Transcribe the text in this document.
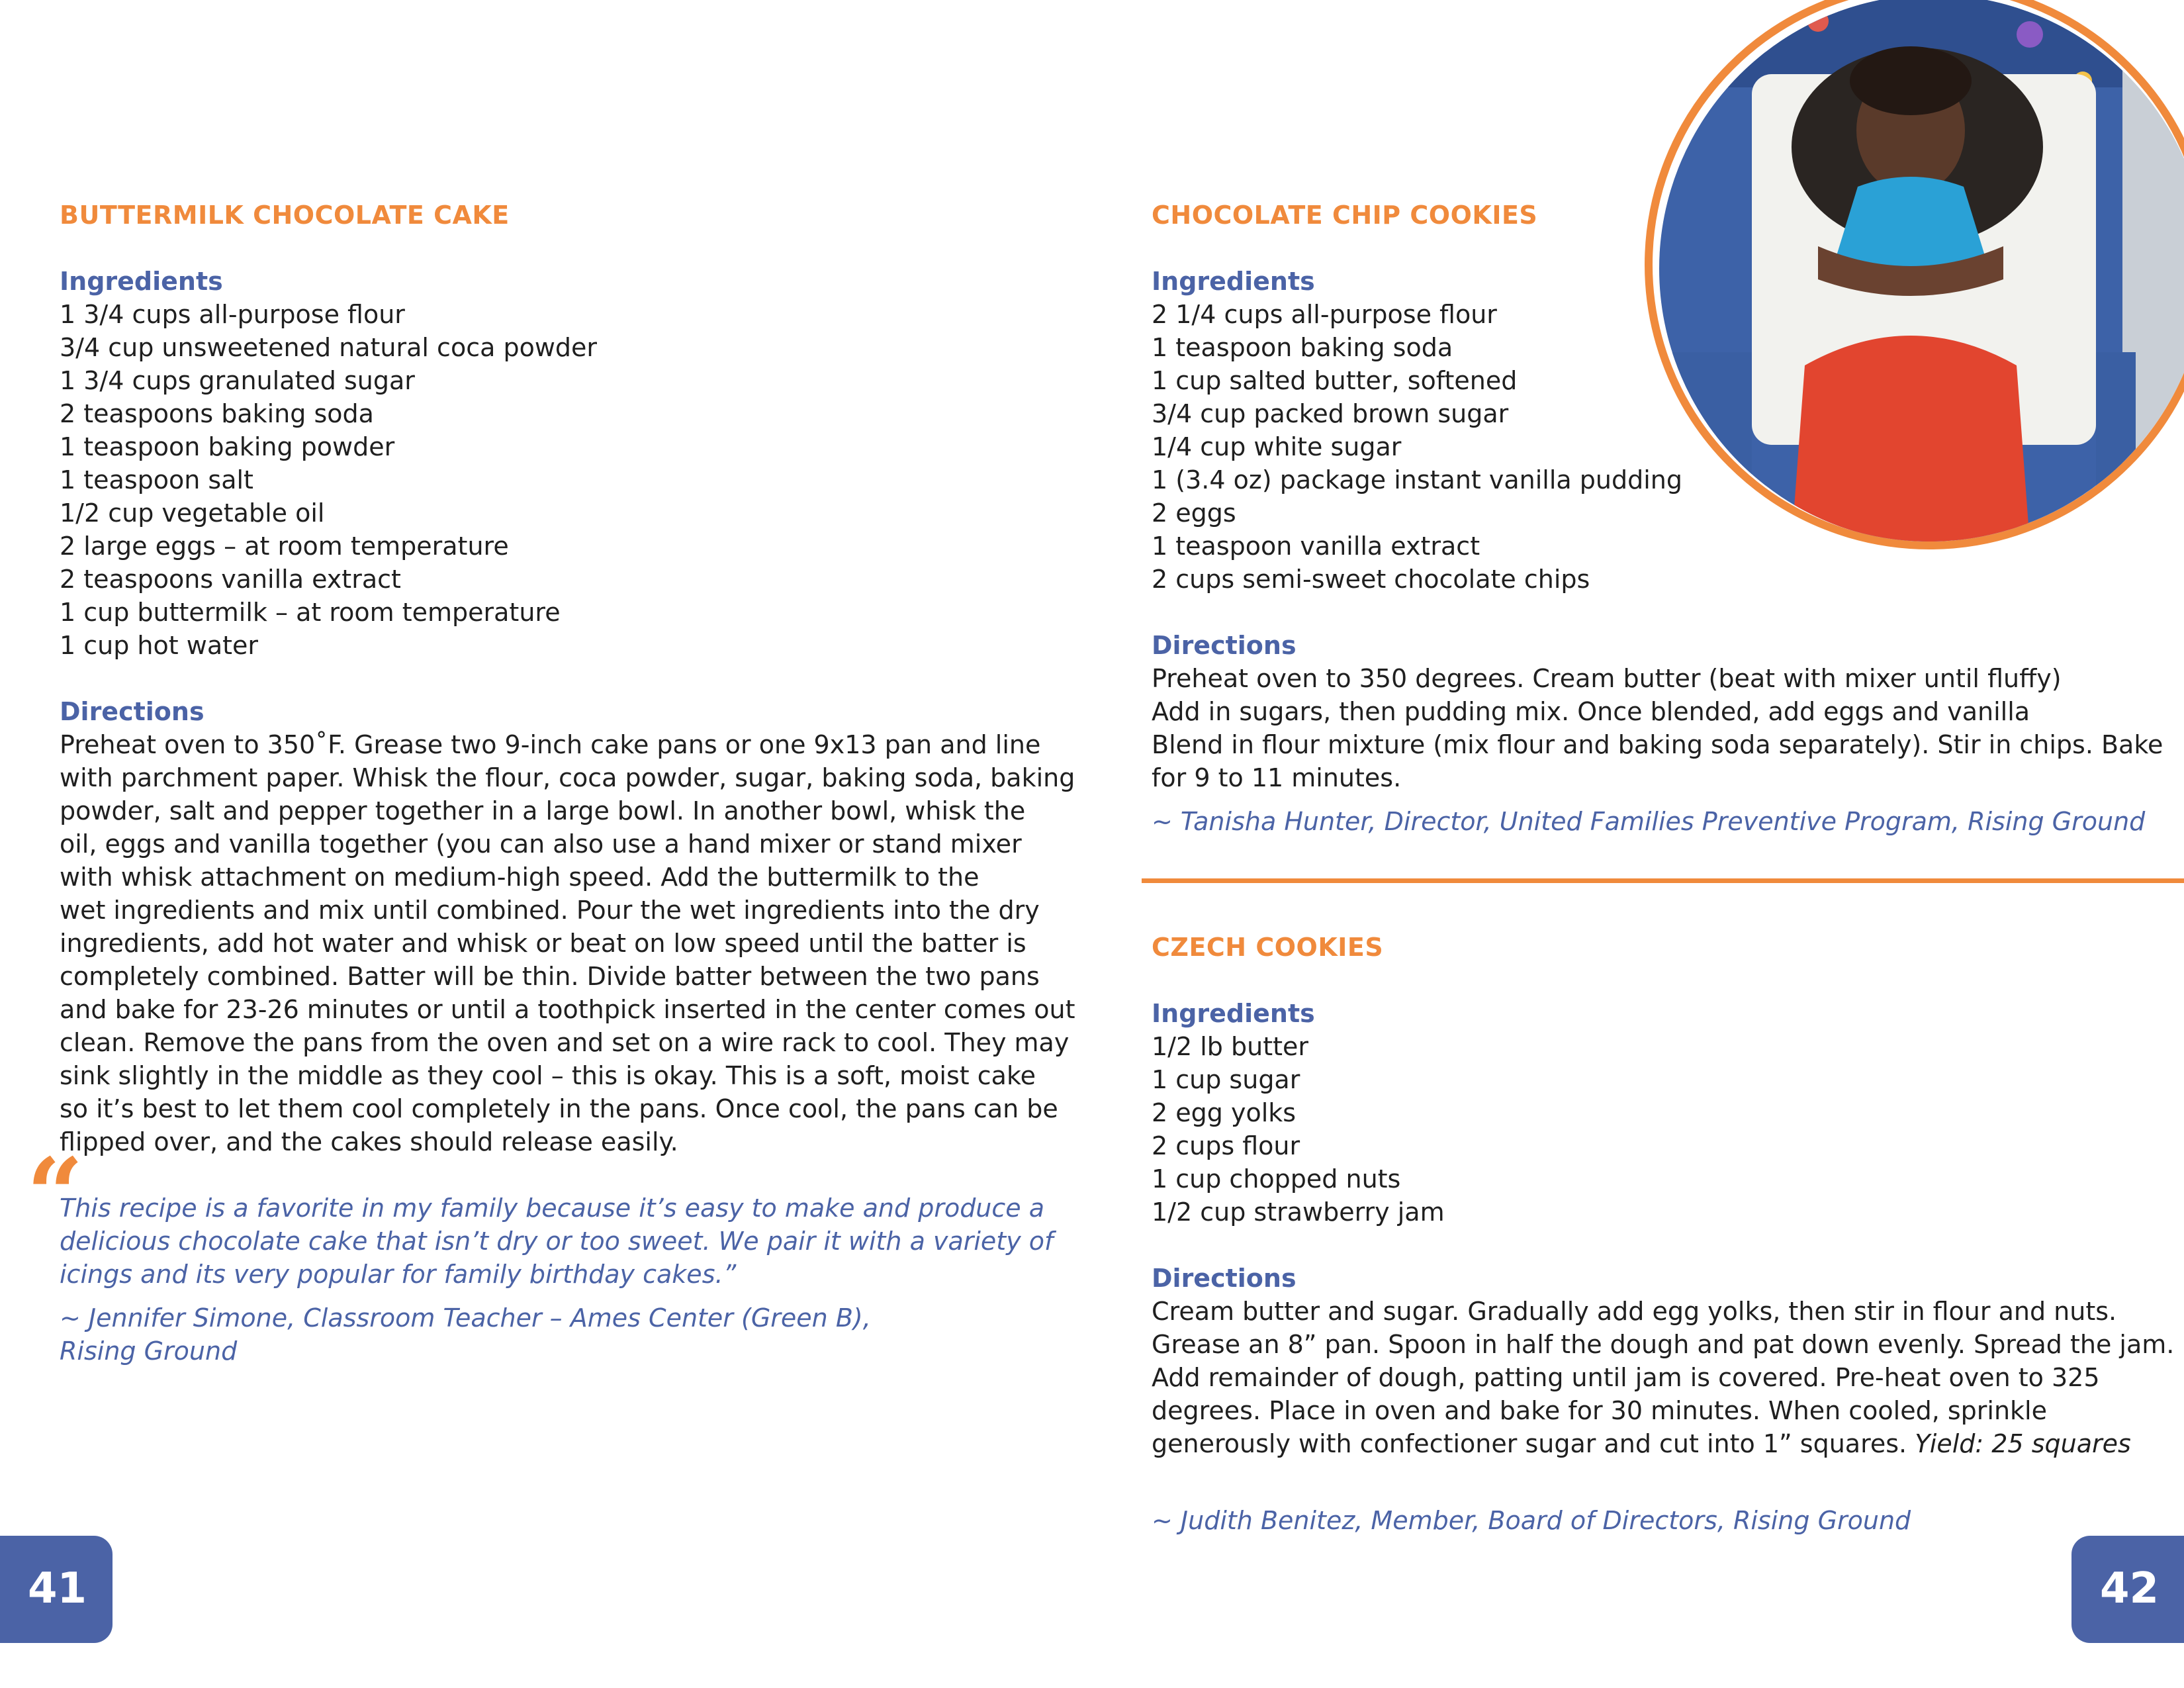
BUTTERMILK CHOCOLATE CAKE
Ingredients
1 3/4 cups all-purpose flour
3/4 cup unsweetened natural coca powder
1 3/4 cups granulated sugar
2 teaspoons baking soda
1 teaspoon baking powder
1 teaspoon salt
1/2 cup vegetable oil
2 large eggs – at room temperature
2 teaspoons vanilla extract
1 cup buttermilk – at room temperature
1 cup hot water
Directions
Preheat oven to 350˚F. Grease two 9-inch cake pans or one 9x13 pan and line
with parchment paper. Whisk the flour, coca powder, sugar, baking soda, baking
powder, salt and pepper together in a large bowl. In another bowl, whisk the
oil, eggs and vanilla together (you can also use a hand mixer or stand mixer
with whisk attachment on medium-high speed. Add the buttermilk to the
wet ingredients and mix until combined. Pour the wet ingredients into the dry
ingredients, add hot water and whisk or beat on low speed until the batter is
completely combined. Batter will be thin. Divide batter between the two pans
and bake for 23-26 minutes or until a toothpick inserted in the center comes out
clean. Remove the pans from the oven and set on a wire rack to cool. They may
sink slightly in the middle as they cool – this is okay. This is a soft, moist cake
so it’s best to let them cool completely in the pans. Once cool, the pans can be
flipped over, and the cakes should release easily.
This recipe is a favorite in my family because it’s easy to make and produce a
delicious chocolate cake that isn’t dry or too sweet. We pair it with a variety of
icings and its very popular for family birthday cakes.”
~ Jennifer Simone, Classroom Teacher – Ames Center (Green B),
Rising Ground
“
CHOCOLATE CHIP COOKIES
Ingredients
2 1/4 cups all-purpose flour
1 teaspoon baking soda
1 cup salted butter, softened
3/4 cup packed brown sugar
1/4 cup white sugar
1 (3.4 oz) package instant vanilla pudding
2 eggs
1 teaspoon vanilla extract
2 cups semi-sweet chocolate chips
Directions
Preheat oven to 350 degrees. Cream butter (beat with mixer until fluffy)
Add in sugars, then pudding mix. Once blended, add eggs and vanilla
Blend in flour mixture (mix flour and baking soda separately). Stir in chips. Bake
for 9 to 11 minutes.

~ Tanisha Hunter, Director, United Families Preventive Program, Rising Ground

CZECH COOKIES
Ingredients
1/2 lb butter
1 cup sugar
2 egg yolks
2 cups flour
1 cup chopped nuts
1/2 cup strawberry jam
Directions
Cream butter and sugar. Gradually add egg yolks, then stir in flour and nuts.
Grease an 8” pan. Spoon in half the dough and pat down evenly. Spread the jam.
Add remainder of dough, patting until jam is covered. Pre-heat oven to 325
degrees. Place in oven and bake for 30 minutes. When cooled, sprinkle
generously with confectioner sugar and cut into 1” squares. Yield: 25 squares

~ Judith Benitez, Member, Board of Directors, Rising Ground

41	42
